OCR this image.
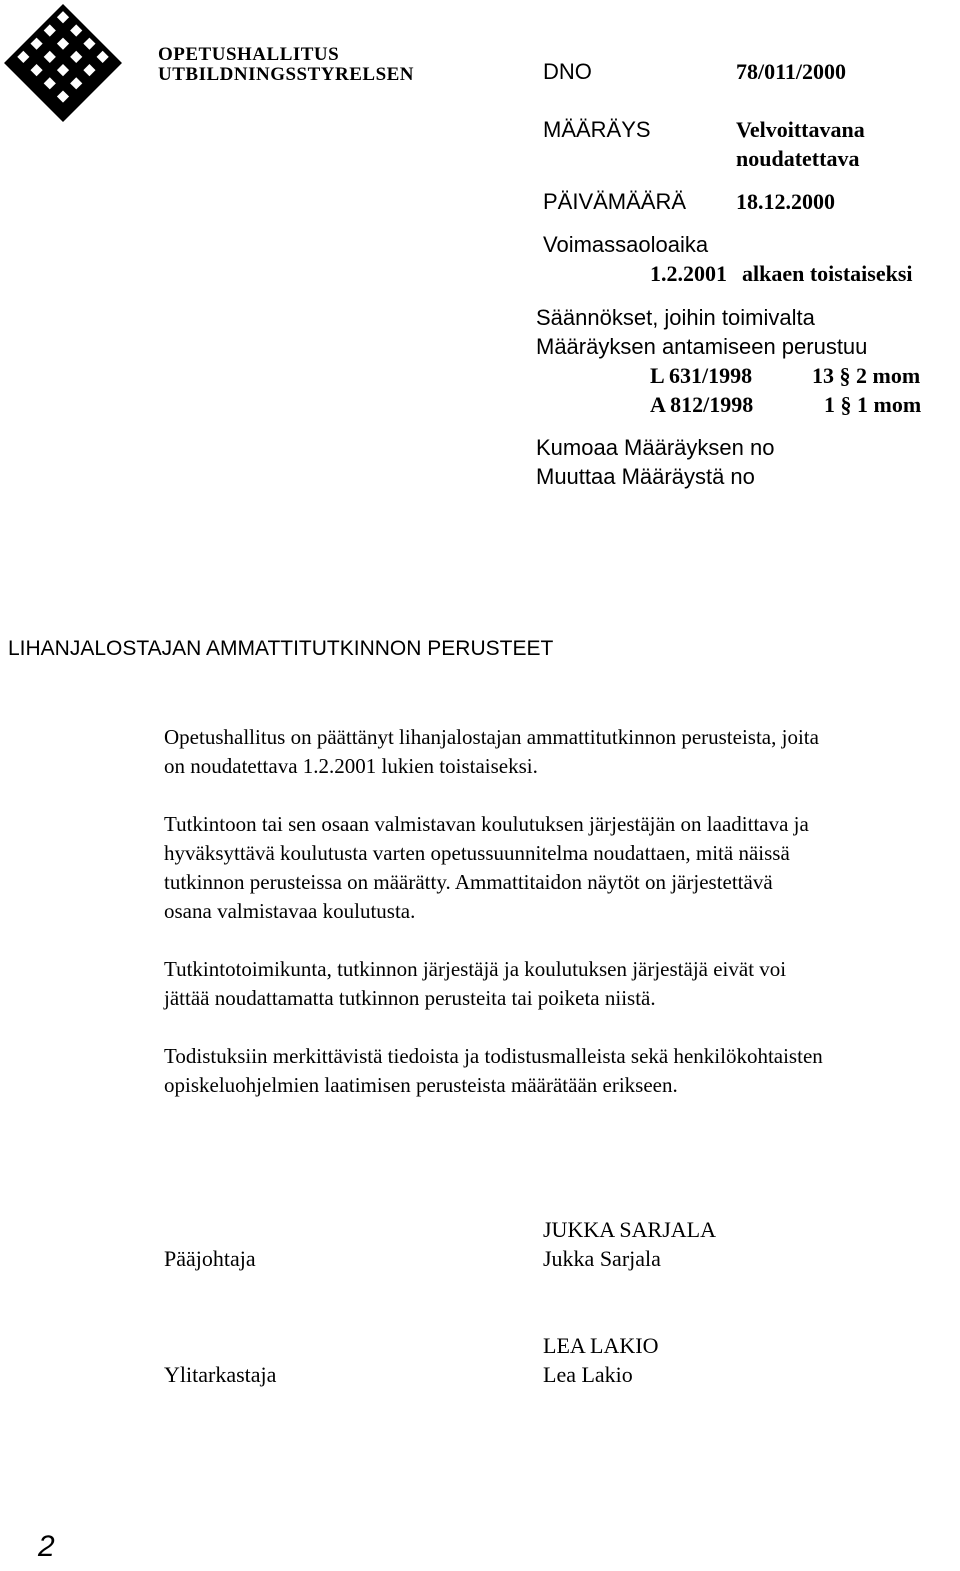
OPETUSHALLITUS
UTBILDNINGSSTYRELSEN	DNO	78/011/2000
MÄÄRÄYS	Velvoittavana
noudatettava
PÄIVÄMÄÄRÄ 18.12.2000
Voimassaoloaika
1.2.2001 alkaen toistaiseksi
Säännökset, joihin toimivalta
Määräyksen antamiseen perustuu
L 631/1998	13 § 2 mom
A 812/1998	1 § 1 mom
Kumoaa Määräyksen no
Muuttaa Määräystä no
LIHANJALOSTAJAN AMMATTITUTKINNON PERUSTEET
Opetushallitus on päättänyt lihanjalostajan ammattitutkinnon perusteista, joita
on noudatettava 1.2.2001 lukien toistaiseksi.
Tutkintoon tai sen osaan valmistavan koulutuksen järjestäjän on laadittava ja
hyväksyttävä koulutusta varten opetussuunnitelma noudattaen, mitä näissä
tutkinnon perusteissa on määrätty. Ammattitaidon näytöt on järjestettävä
osana valmistavaa koulutusta.
Tutkintotoimikunta, tutkinnon järjestäjä ja koulutuksen järjestäjä eivät voi
jättää noudattamatta tutkinnon perusteita tai poiketa niistä.
Todistuksiin merkittävistä tiedoista ja todistusmalleista sekä henkilökohtaisten
opiskeluohjelmien laatimisen perusteista määrätään erikseen.
JUKKA SARJALA
Pääjohtaja	Jukka Sarjala
LEA LAKIO
Ylitarkastaja	Lea Lakio
2
